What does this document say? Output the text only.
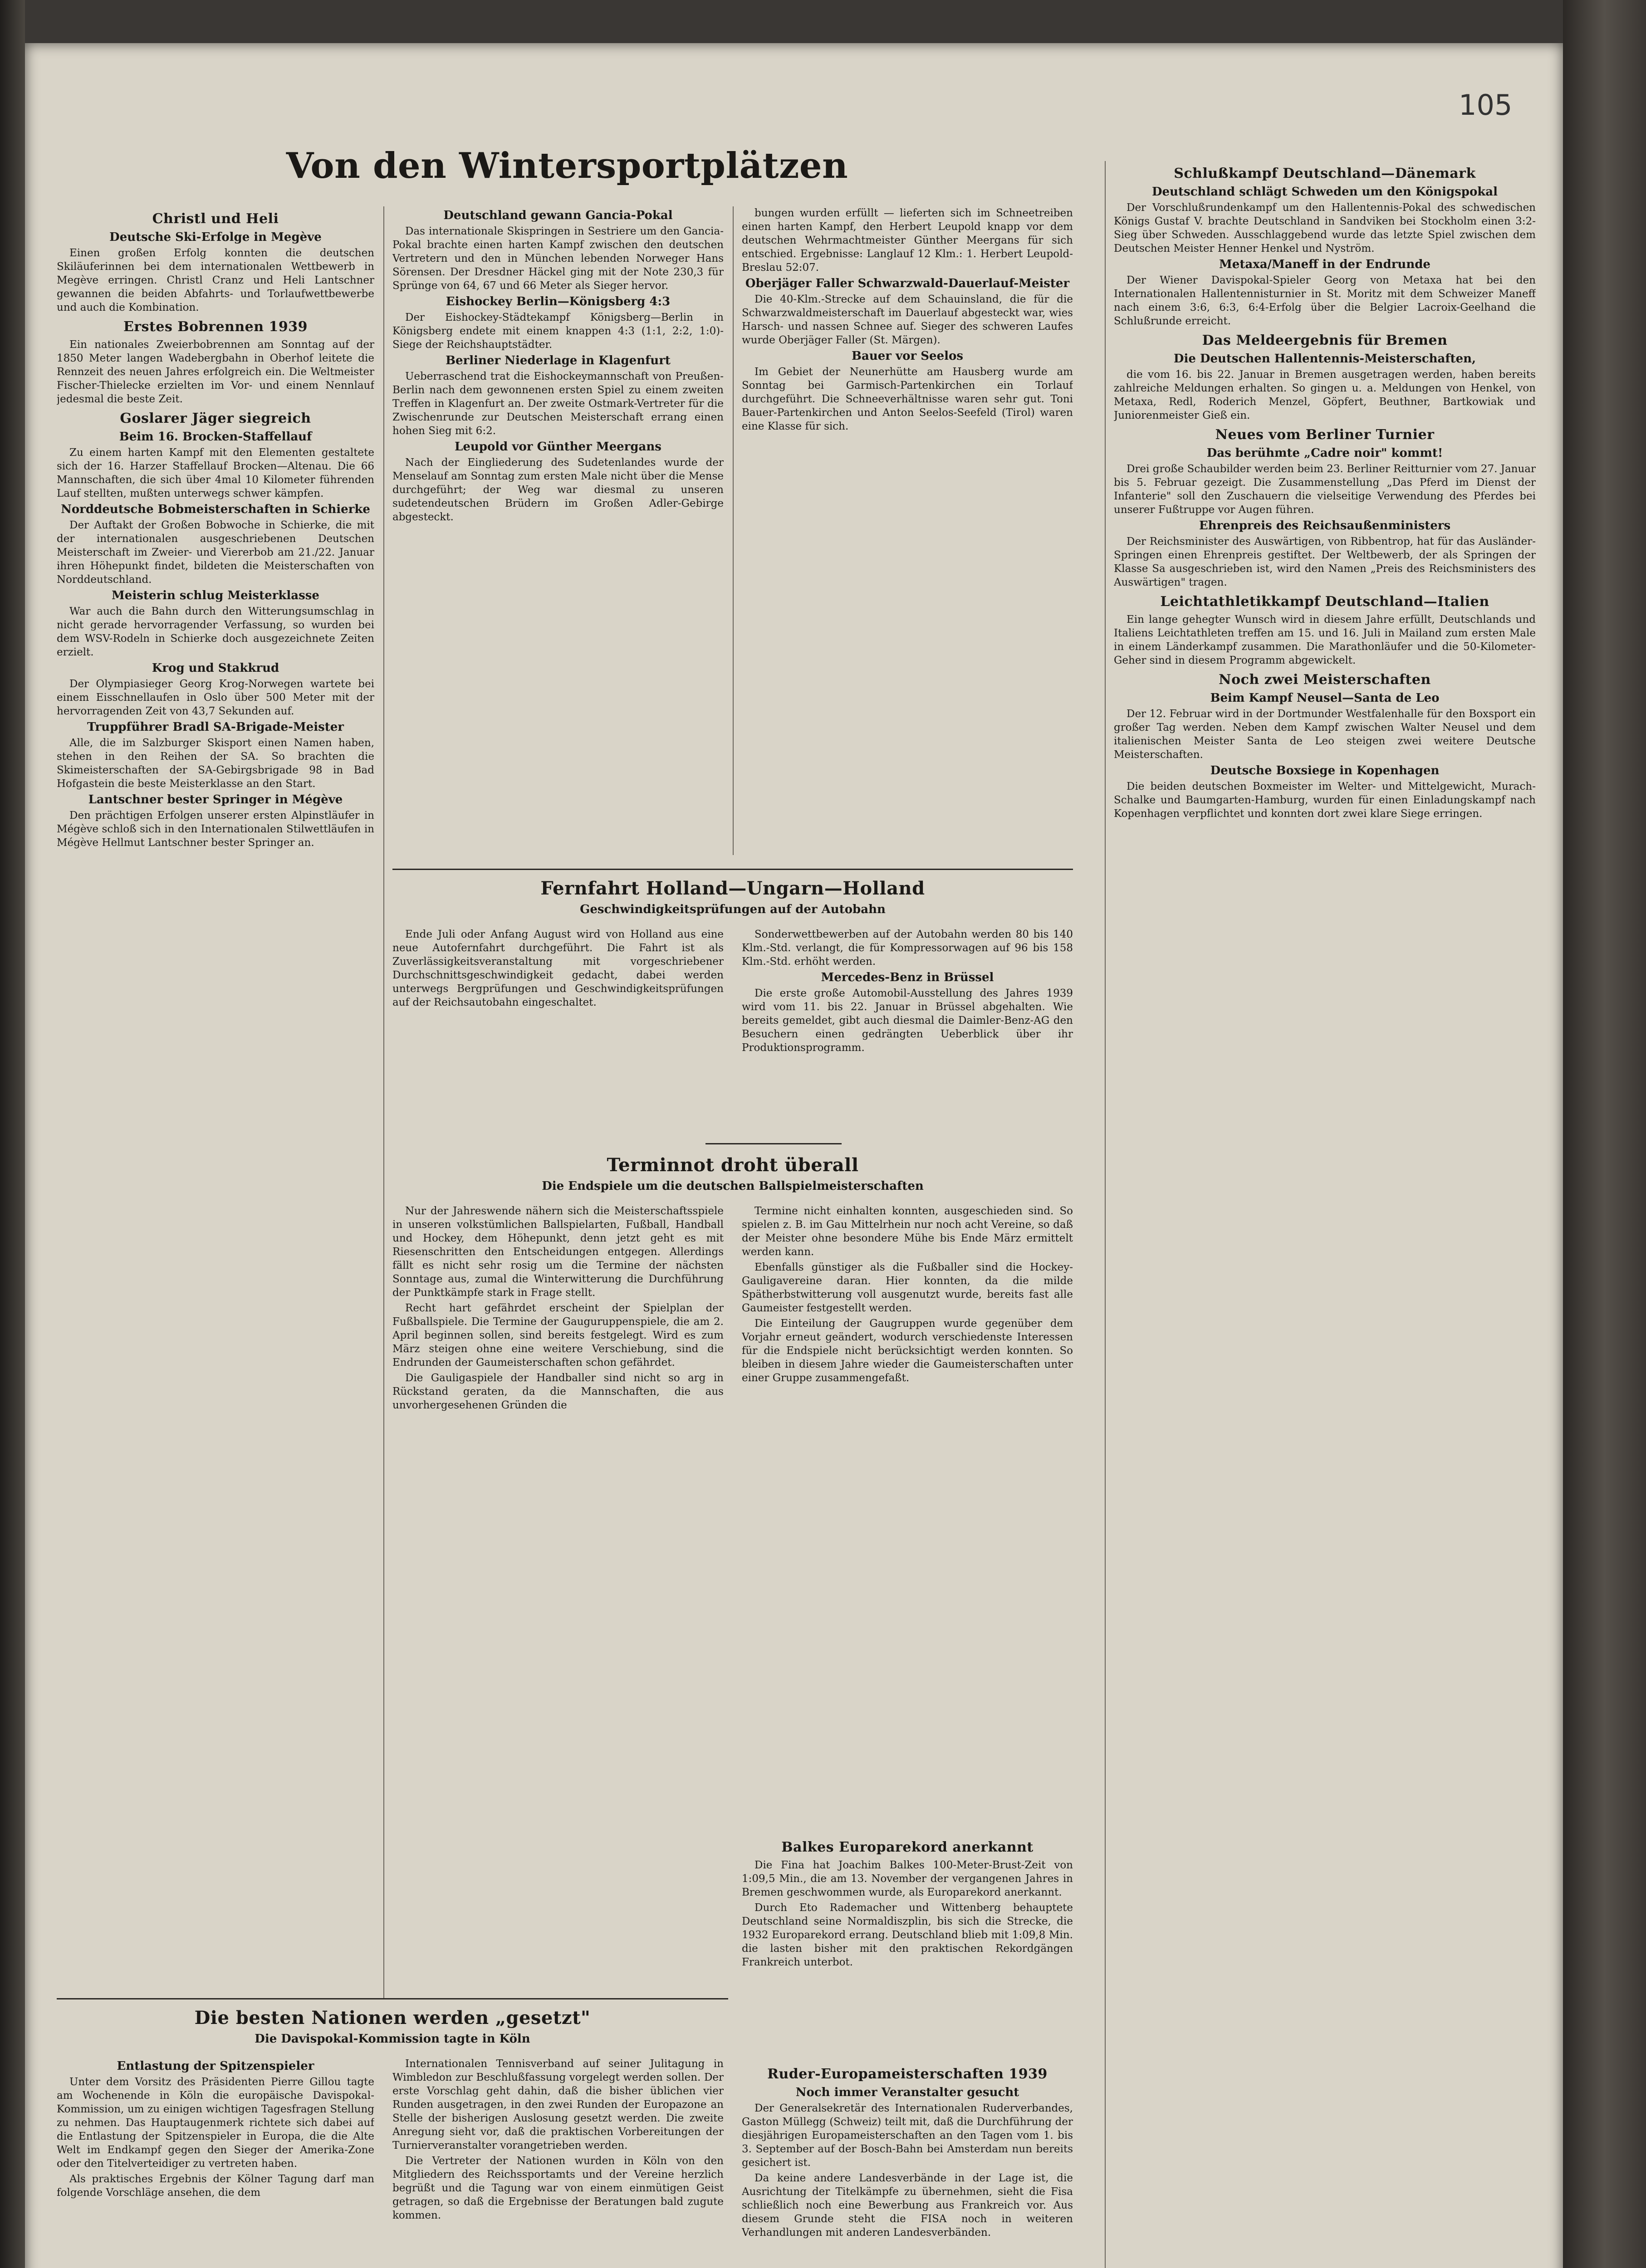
105
Von den Wintersportplätzen
Christl und Heli
Deutsche Ski-Erfolge in Megève

Einen großen Erfolg konnten die deutschen Skiläuferinnen bei dem internationalen Wettbewerb in Megève erringen. Christl Cranz und Heli Lantschner gewannen die beiden Abfahrts- und Torlaufwettbewerbe und auch die Kombination.

Erstes Bobrennen 1939

Ein nationales Zweierbobrennen am Sonntag auf der 1850 Meter langen Wadebergbahn in Oberhof leitete die Rennzeit des neuen Jahres erfolgreich ein. Die Weltmeister Fischer-Thielecke erzielten im Vor- und einem Nennlauf jedesmal die beste Zeit.

Goslarer Jäger siegreich
Beim 16. Brocken-Staffellauf

Zu einem harten Kampf mit den Elementen gestaltete sich der 16. Harzer Staffellauf Brocken—Altenau. Die 66 Mannschaften, die sich über 4mal 10 Kilometer führenden Lauf stellten, mußten unterwegs schwer kämpfen.

Norddeutsche Bobmeisterschaften in Schierke

Der Auftakt der Großen Bobwoche in Schierke, die mit der internationalen ausgeschriebenen Deutschen Meisterschaft im Zweier- und Viererbob am 21./22. Januar ihren Höhepunkt findet, bildeten die Meisterschaften von Norddeutschland.

Meisterin schlug Meisterklasse

War auch die Bahn durch den Witterungsumschlag in nicht gerade hervorragender Verfassung, so wurden bei dem WSV-Rodeln in Schierke doch ausgezeichnete Zeiten erzielt.

Krog und Stakkrud

Der Olympiasieger Georg Krog-Norwegen wartete bei einem Eisschnellaufen in Oslo über 500 Meter mit der hervorragenden Zeit von 43,7 Sekunden auf.

Truppführer Bradl SA-Brigade-Meister

Alle, die im Salzburger Skisport einen Namen haben, stehen in den Reihen der SA. So brachten die Skimeisterschaften der SA-Gebirgsbrigade 98 in Bad Hofgastein die beste Meisterklasse an den Start.

Lantschner bester Springer in Mégève

Den prächtigen Erfolgen unserer ersten Alpinstläufer in Mégève schloß sich in den Internationalen Stilwettläufen in Mégève Hellmut Lantschner bester Springer an.

Deutschland gewann Gancia-Pokal

Das internationale Skispringen in Sestriere um den Gancia-Pokal brachte einen harten Kampf zwischen den deutschen Vertretern und den in München lebenden Norweger Hans Sörensen. Der Dresdner Häckel ging mit der Note 230,3 für Sprünge von 64, 67 und 66 Meter als Sieger hervor.

Eishockey Berlin—Königsberg 4:3

Der Eishockey-Städtekampf Königsberg—Berlin in Königsberg endete mit einem knappen 4:3 (1:1, 2:2, 1:0)-Siege der Reichshauptstädter.

Berliner Niederlage in Klagenfurt

Ueberraschend trat die Eishockeymannschaft von Preußen-Berlin nach dem gewonnenen ersten Spiel zu einem zweiten Treffen in Klagenfurt an. Der zweite Ostmark-Vertreter für die Zwischenrunde zur Deutschen Meisterschaft errang einen hohen Sieg mit 6:2.

Leupold vor Günther Meergans

Nach der Eingliederung des Sudetenlandes wurde der Menselauf am Sonntag zum ersten Male nicht über die Mense durchgeführt; der Weg war diesmal zu unseren sudetendeutschen Brüdern im Großen Adler-Gebirge abgesteckt.

bungen wurden erfüllt — lieferten sich im Schneetreiben einen harten Kampf, den Herbert Leupold knapp vor dem deutschen Wehrmachtmeister Günther Meergans für sich entschied. Ergebnisse: Langlauf 12 Klm.: 1. Herbert Leupold-Breslau 52:07.

Oberjäger Faller Schwarzwald-Dauerlauf-Meister

Die 40-Klm.-Strecke auf dem Schauinsland, die für die Schwarzwaldmeisterschaft im Dauerlauf abgesteckt war, wies Harsch- und nassen Schnee auf. Sieger des schweren Laufes wurde Oberjäger Faller (St. Märgen).

Bauer vor Seelos

Im Gebiet der Neunerhütte am Hausberg wurde am Sonntag bei Garmisch-Partenkirchen ein Torlauf durchgeführt. Die Schneeverhältnisse waren sehr gut. Toni Bauer-Partenkirchen und Anton Seelos-Seefeld (Tirol) waren eine Klasse für sich.

Schlußkampf Deutschland—Dänemark
Deutschland schlägt Schweden um den Königspokal

Der Vorschlußrundenkampf um den Hallentennis-Pokal des schwedischen Königs Gustaf V. brachte Deutschland in Sandviken bei Stockholm einen 3:2-Sieg über Schweden. Ausschlaggebend wurde das letzte Spiel zwischen dem Deutschen Meister Henner Henkel und Nyström.

Metaxa/Maneff in der Endrunde

Der Wiener Davispokal-Spieler Georg von Metaxa hat bei den Internationalen Hallentennisturnier in St. Moritz mit dem Schweizer Maneff nach einem 3:6, 6:3, 6:4-Erfolg über die Belgier Lacroix-Geelhand die Schlußrunde erreicht.

Das Meldeergebnis für Bremen
Die Deutschen Hallentennis-Meisterschaften,

die vom 16. bis 22. Januar in Bremen ausgetragen werden, haben bereits zahlreiche Meldungen erhalten. So gingen u. a. Meldungen von Henkel, von Metaxa, Redl, Roderich Menzel, Göpfert, Beuthner, Bartkowiak und Juniorenmeister Gieß ein.

Neues vom Berliner Turnier
Das berühmte „Cadre noir" kommt!

Drei große Schaubilder werden beim 23. Berliner Reitturnier vom 27. Januar bis 5. Februar gezeigt. Die Zusammenstellung „Das Pferd im Dienst der Infanterie" soll den Zuschauern die vielseitige Verwendung des Pferdes bei unserer Fußtruppe vor Augen führen.

Ehrenpreis des Reichsaußenministers

Der Reichsminister des Auswärtigen, von Ribbentrop, hat für das Ausländer-Springen einen Ehrenpreis gestiftet. Der Weltbewerb, der als Springen der Klasse Sa ausgeschrieben ist, wird den Namen „Preis des Reichsministers des Auswärtigen" tragen.

Leichtathletikkampf Deutschland—Italien

Ein lange gehegter Wunsch wird in diesem Jahre erfüllt, Deutschlands und Italiens Leichtathleten treffen am 15. und 16. Juli in Mailand zum ersten Male in einem Länderkampf zusammen. Die Marathonläufer und die 50-Kilometer-Geher sind in diesem Programm abgewickelt.

Noch zwei Meisterschaften
Beim Kampf Neusel—Santa de Leo

Der 12. Februar wird in der Dortmunder Westfalenhalle für den Boxsport ein großer Tag werden. Neben dem Kampf zwischen Walter Neusel und dem italienischen Meister Santa de Leo steigen zwei weitere Deutsche Meisterschaften.

Deutsche Boxsiege in Kopenhagen

Die beiden deutschen Boxmeister im Welter- und Mittelgewicht, Murach-Schalke und Baumgarten-Hamburg, wurden für einen Einladungskampf nach Kopenhagen verpflichtet und konnten dort zwei klare Siege erringen.

Fernfahrt Holland—Ungarn—Holland
Geschwindigkeitsprüfungen auf der Autobahn

Ende Juli oder Anfang August wird von Holland aus eine neue Autofernfahrt durchgeführt. Die Fahrt ist als Zuverlässigkeitsveranstaltung mit vorgeschriebener Durchschnittsgeschwindigkeit gedacht, dabei werden unterwegs Bergprüfungen und Geschwindigkeitsprüfungen auf der Reichsautobahn eingeschaltet.

Sonderwettbewerben auf der Autobahn werden 80 bis 140 Klm.-Std. verlangt, die für Kompressorwagen auf 96 bis 158 Klm.-Std. erhöht werden.

Mercedes-Benz in Brüssel

Die erste große Automobil-Ausstellung des Jahres 1939 wird vom 11. bis 22. Januar in Brüssel abgehalten. Wie bereits gemeldet, gibt auch diesmal die Daimler-Benz-AG den Besuchern einen gedrängten Ueberblick über ihr Produktionsprogramm.

Terminnot droht überall
Die Endspiele um die deutschen Ballspielmeisterschaften

Nur der Jahreswende nähern sich die Meisterschaftsspiele in unseren volkstümlichen Ballspielarten, Fußball, Handball und Hockey, dem Höhepunkt, denn jetzt geht es mit Riesenschritten den Entscheidungen entgegen. Allerdings fällt es nicht sehr rosig um die Termine der nächsten Sonntage aus, zumal die Winterwitterung die Durchführung der Punktkämpfe stark in Frage stellt.

Recht hart gefährdet erscheint der Spielplan der Fußballspiele. Die Termine der Gauguruppenspiele, die am 2. April beginnen sollen, sind bereits festgelegt. Wird es zum März steigen ohne eine weitere Verschiebung, sind die Endrunden der Gaumeisterschaften schon gefährdet.

Die Gauligaspiele der Handballer sind nicht so arg in Rückstand geraten, da die Mannschaften, die aus unvorhergesehenen Gründen die

Termine nicht einhalten konnten, ausgeschieden sind. So spielen z. B. im Gau Mittelrhein nur noch acht Vereine, so daß der Meister ohne besondere Mühe bis Ende März ermittelt werden kann.

Ebenfalls günstiger als die Fußballer sind die Hockey-Gauligavereine daran. Hier konnten, da die milde Spätherbstwitterung voll ausgenutzt wurde, bereits fast alle Gaumeister festgestellt werden.

Die Einteilung der Gaugruppen wurde gegenüber dem Vorjahr erneut geändert, wodurch verschiedenste Interessen für die Endspiele nicht berücksichtigt werden konnten. So bleiben in diesem Jahre wieder die Gaumeisterschaften unter einer Gruppe zusammengefaßt.

Balkes Europarekord anerkannt

Die Fina hat Joachim Balkes 100-Meter-Brust-Zeit von 1:09,5 Min., die am 13. November der vergangenen Jahres in Bremen geschwommen wurde, als Europarekord anerkannt.

Durch Eto Rademacher und Wittenberg behauptete Deutschland seine Normaldiszplin, bis sich die Strecke, die 1932 Europarekord errang. Deutschland blieb mit 1:09,8 Min. die lasten bisher mit den praktischen Rekordgängen Frankreich unterbot.

Ruder-Europameisterschaften 1939
Noch immer Veranstalter gesucht

Der Generalsekretär des Internationalen Ruderverbandes, Gaston Müllegg (Schweiz) teilt mit, daß die Durchführung der diesjährigen Europameisterschaften an den Tagen vom 1. bis 3. September auf der Bosch-Bahn bei Amsterdam nun bereits gesichert ist.

Da keine andere Landesverbände in der Lage ist, die Ausrichtung der Titelkämpfe zu übernehmen, sieht die Fisa schließlich noch eine Bewerbung aus Frankreich vor. Aus diesem Grunde steht die FISA noch in weiteren Verhandlungen mit anderen Landesverbänden.

Die besten Nationen werden „gesetzt"
Die Davispokal-Kommission tagte in Köln
Entlastung der Spitzenspieler

Unter dem Vorsitz des Präsidenten Pierre Gillou tagte am Wochenende in Köln die europäische Davispokal-Kommission, um zu einigen wichtigen Tagesfragen Stellung zu nehmen. Das Hauptaugenmerk richtete sich dabei auf die Entlastung der Spitzenspieler in Europa, die die Alte Welt im Endkampf gegen den Sieger der Amerika-Zone oder den Titelverteidiger zu vertreten haben.

Als praktisches Ergebnis der Kölner Tagung darf man folgende Vorschläge ansehen, die dem

Internationalen Tennisverband auf seiner Julitagung in Wimbledon zur Beschlußfassung vorgelegt werden sollen. Der erste Vorschlag geht dahin, daß die bisher üblichen vier Runden ausgetragen, in den zwei Runden der Europazone an Stelle der bisherigen Auslosung gesetzt werden. Die zweite Anregung sieht vor, daß die praktischen Vorbereitungen der Turnierveranstalter vorangetrieben werden.

Die Vertreter der Nationen wurden in Köln von den Mitgliedern des Reichssportamts und der Vereine herzlich begrüßt und die Tagung war von einem einmütigen Geist getragen, so daß die Ergebnisse der Beratungen bald zugute kommen.
